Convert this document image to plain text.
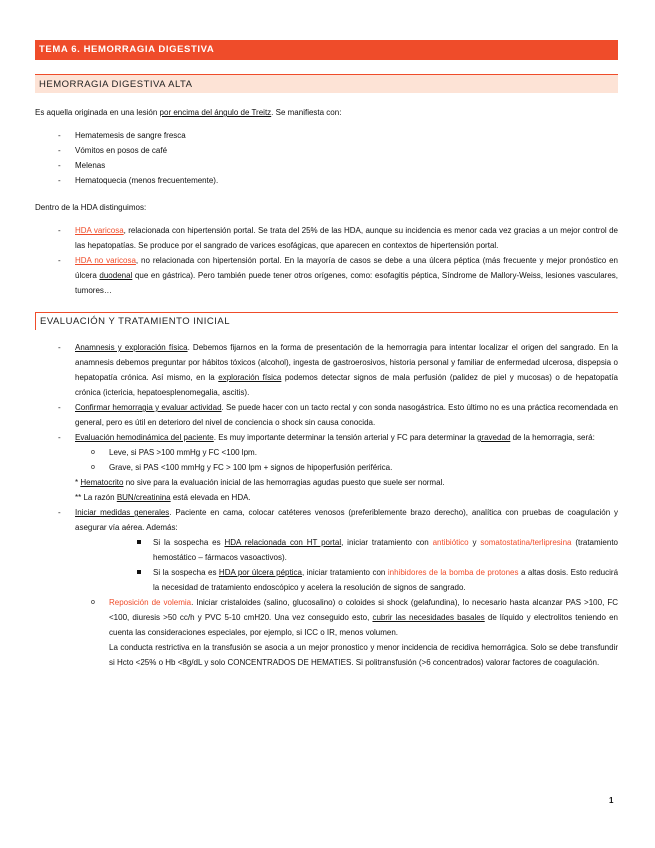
TEMA 6. HEMORRAGIA DIGESTIVA
HEMORRAGIA DIGESTIVA ALTA

Es aquella originada en una lesión por encima del ángulo de Treitz. Se manifiesta con:

- Hematemesis de sangre fresca
- Vómitos en posos de café
- Melenas
- Hematoquecia (menos frecuentemente).

Dentro de la HDA distinguimos:

- HDA varicosa, relacionada con hipertensión portal. Se trata del 25% de las HDA, aunque su incidencia es menor cada vez gracias a un mejor control de las hepatopatías. Se produce por el sangrado de varices esofágicas, que aparecen en contextos de hipertensión portal.
- HDA no varicosa, no relacionada con hipertensión portal. En la mayoría de casos se debe a una úlcera péptica (más frecuente y mejor pronóstico en úlcera duodenal que en gástrica). Pero también puede tener otros orígenes, como: esofagitis péptica, Síndrome de Mallory-Weiss, lesiones vasculares, tumores…
EVALUACIÓN Y TRATAMIENTO INICIAL
- Anamnesis y exploración física. Debemos fijarnos en la forma de presentación de la hemorragia para intentar localizar el origen del sangrado. En la anamnesis debemos preguntar por hábitos tóxicos (alcohol), ingesta de gastroerosivos, historia personal y familiar de enfermedad ulcerosa, dispepsia o hepatopatía crónica. Así mismo, en la exploración física podemos detectar signos de mala perfusión (palidez de piel y mucosas) o de hepatopatía crónica (ictericia, hepatoesplenomegalia, ascitis).
- Confirmar hemorragia y evaluar actividad. Se puede hacer con un tacto rectal y con sonda nasogástrica. Esto último no es una práctica recomendada en general, pero es útil en deterioro del nivel de conciencia o shock sin causa conocida.
- Evaluación hemodinámica del paciente. Es muy importante determinar la tensión arterial y FC para determinar la gravedad de la hemorragia, será:
o Leve, si PAS >100 mmHg y FC <100 lpm.
o Grave, si PAS <100 mmHg y FC > 100 lpm + signos de hipoperfusión periférica.
* Hematocrito no sive para la evaluación inicial de las hemorragias agudas puesto que suele ser normal.
** La razón BUN/creatinina está elevada en HDA.
- Iniciar medidas generales. Paciente en cama, colocar catéteres venosos (preferiblemente brazo derecho), analítica con pruebas de coagulación y asegurar vía aérea. Además:
Si la sospecha es HDA relacionada con HT portal, iniciar tratamiento con antibiótico y somatostatina/terlipresina (tratamiento hemostático – fármacos vasoactivos).
Si la sospecha es HDA por úlcera péptica, iniciar tratamiento con inhibidores de la bomba de protones a altas dosis. Esto reducirá la necesidad de tratamiento endoscópico y acelera la resolución de signos de sangrado.
o Reposición de volemia. Iniciar cristaloides (salino, glucosalino) o coloides si shock (gelafundina), lo necesario hasta alcanzar PAS >100, FC <100, diuresis >50 cc/h y PVC 5-10 cmH20. Una vez conseguido esto, cubrir las necesidades basales de líquido y electrolitos teniendo en cuenta las consideraciones especiales, por ejemplo, si ICC o IR, menos volumen.
La conducta restrictiva en la transfusión se asocia a un mejor pronostico y menor incidencia de recidiva hemorrágica. Solo se debe transfundir si Hcto <25% o Hb <8g/dL y solo CONCENTRADOS DE HEMATIES. Si politransfusión (>6 concentrados) valorar factores de coagulación.
1
